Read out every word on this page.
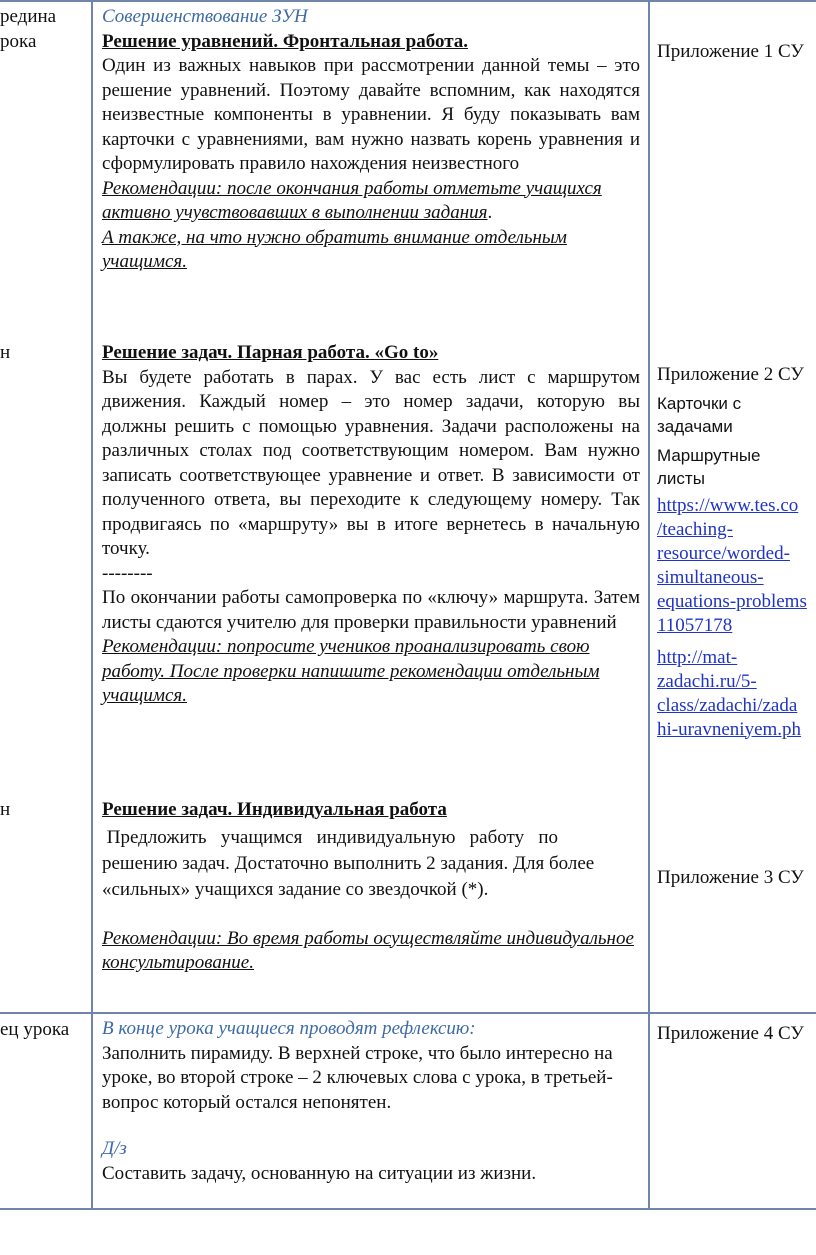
редина
рока
н
н
ец урока
Совершенствование ЗУН
Решение уравнений. Фронтальная работа.
Один из важных навыков при рассмотрении данной темы – это решение уравнений. Поэтому давайте вспомним, как находятся неизвестные компоненты в уравнении. Я буду показывать вам карточки с уравнениями, вам нужно назвать корень уравнения и сформулировать правило нахождения неизвестного
Рекомендации: после окончания работы отметьте учащихся активно учувствовавших в выполнении задания.
А также, на что нужно обратить внимание отдельным учащимся.
Решение задач. Парная работа. «Go to»
Вы будете работать в парах. У вас есть лист с маршрутом движения. Каждый номер – это номер задачи, которую вы должны решить с помощью уравнения. Задачи расположены на различных столах под соответствующим номером. Вам нужно записать соответствующее уравнение и ответ. В зависимости от полученного ответа, вы переходите к следующему номеру. Так продвигаясь по «маршруту» вы в итоге вернетесь в начальную точку.
--------
По окончании работы самопроверка по «ключу» маршрута. Затем листы сдаются учителю для проверки правильности уравнений
Рекомендации: попросите учеников проанализировать свою работу. После проверки напишите рекомендации отдельным учащимся.
Решение задач. Индивидуальная работа
Предложить   учащимся   индивидуальную   работу   по
решению задач. Достаточно выполнить 2 задания. Для более
«сильных» учащихся задание со звездочкой (*).
Рекомендации: Во время работы осуществляйте индивидуальное консультирование.
В конце урока учащиеся проводят рефлексию:
Заполнить пирамиду. В верхней строке, что было интересно на уроке, во второй строке – 2 ключевых слова с урока, в третьей- вопрос который остался непонятен.
Д/з
Составить задачу, основанную на ситуации из жизни.
Приложение 1 СУ
Приложение 2 СУ
Карточки с
задачами
Маршрутные
листы
https://www.tes.co
/teaching-
resource/worded-
simultaneous-
equations-problems
11057178
http://mat-
zadachi.ru/5-
class/zadachi/zada
hi-uravneniyem.ph
Приложение 3 СУ
Приложение 4 СУ
